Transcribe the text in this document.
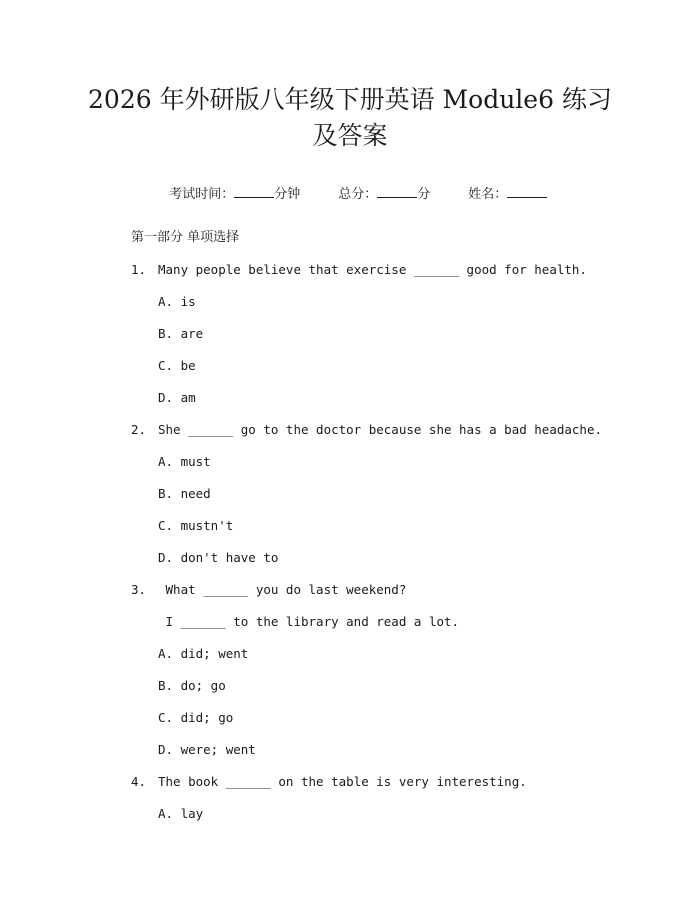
2026 年外研版八年级下册英语 Module6 练习
及答案

考试时间：	分钟	总分：	分	姓名：

第一部分 单项选择
1. Many people believe that exercise ______ good for health.
A. is
B. are
C. be
D. am
2. She ______ go to the doctor because she has a bad headache.
A. must
B. need
C. mustn't
D. don't have to
3. What ______ you do last weekend?
I ______ to the library and read a lot.
A. did; went
B. do; go
C. did; go
D. were; went
4. The book ______ on the table is very interesting.
A. lay
